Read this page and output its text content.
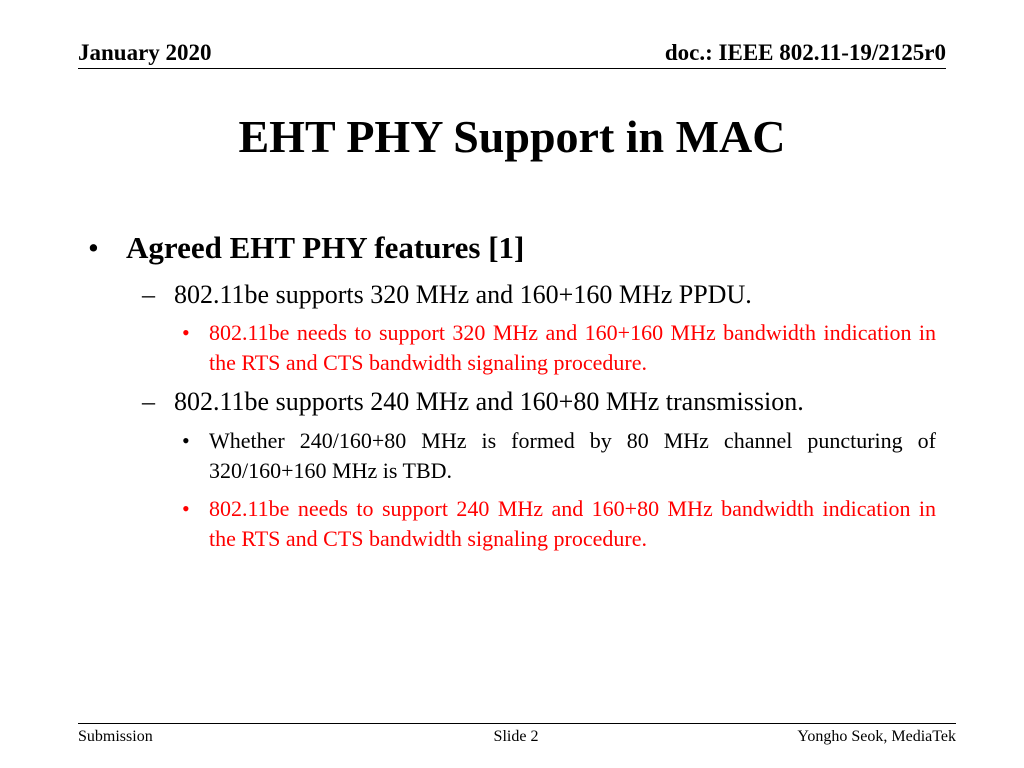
January 2020	doc.: IEEE 802.11-19/2125r0
EHT PHY Support in MAC
• Agreed EHT PHY features [1]
– 802.11be supports 320 MHz and 160+160 MHz PPDU.
• 802.11be needs to support 320 MHz and 160+160 MHz bandwidth indication in the RTS and CTS bandwidth signaling procedure.
– 802.11be supports 240 MHz and 160+80 MHz transmission.
• Whether 240/160+80 MHz is formed by 80 MHz channel puncturing of 320/160+160 MHz is TBD.
• 802.11be needs to support 240 MHz and 160+80 MHz bandwidth indication in the RTS and CTS bandwidth signaling procedure.
Submission	Slide 2	Yongho Seok, MediaTek
